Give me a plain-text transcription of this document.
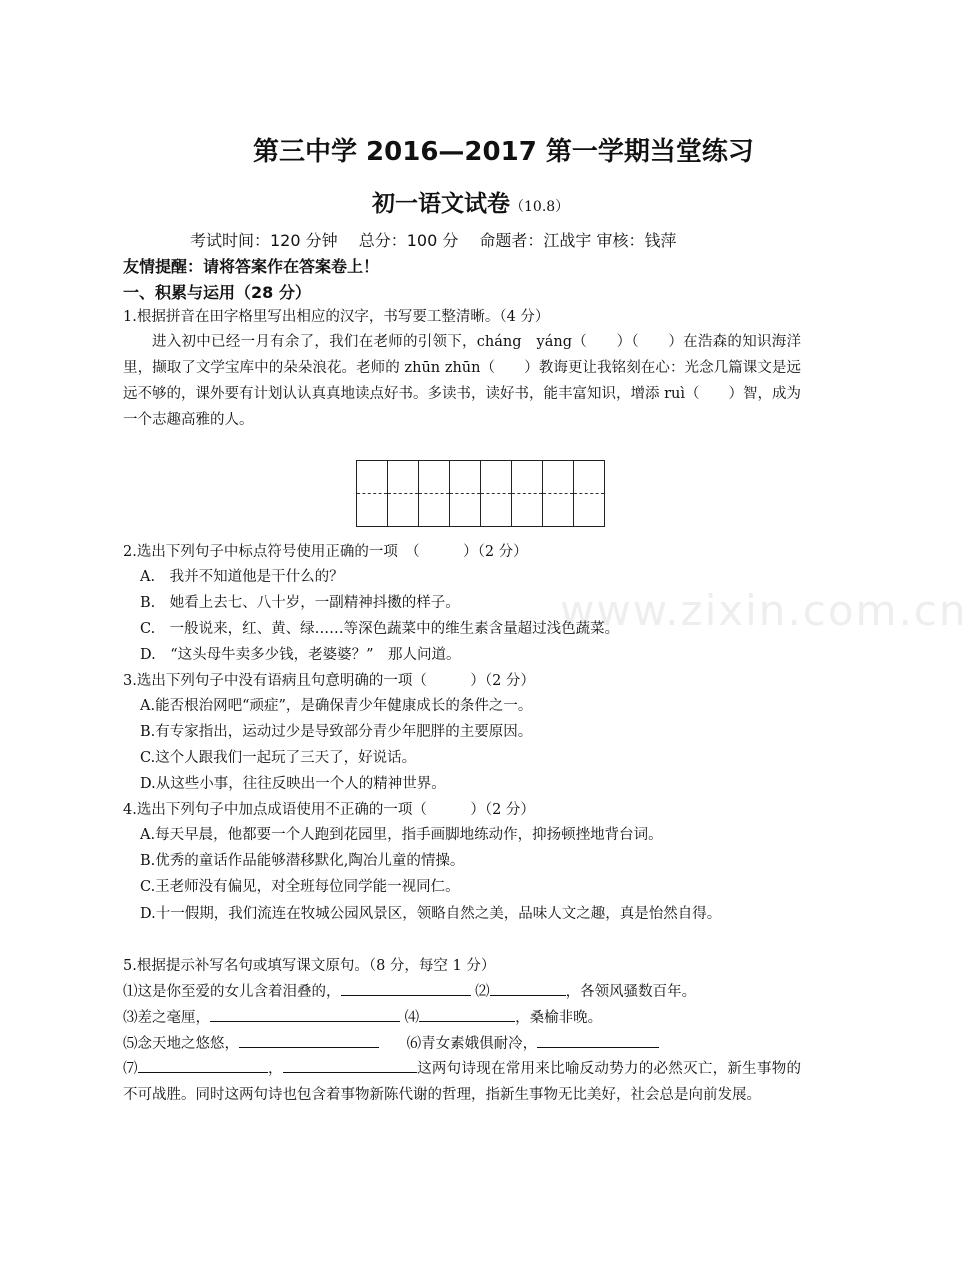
www.zixin.com.cn
第三中学 2016—2017 第一学期当堂练习
初一语文试卷（10.8）
考试时间：120 分钟　 总分：100 分　 命题者：江战宇 审核：钱萍
友情提醒：请将答案作在答案卷上！
一、积累与运用（28 分）
1.根据拼音在田字格里写出相应的汉字，书写要工整清晰。（4 分）
进入初中已经一月有余了，我们在老师的引领下，cháng　yáng（　　）（　　）在浩森的知识海洋里，撷取了文学宝库中的朵朵浪花。老师的 zhūn zhūn（　　）教诲更让我铭刻在心：光念几篇课文是远远不够的，课外要有计划认认真真地读点好书。多读书，读好书，能丰富知识，增添 ruì（　　）智，成为一个志趣高雅的人。

2.选出下列句子中标点符号使用正确的一项　（　　　）（2 分）
A.　我并不知道他是干什么的？
B.　她看上去七、八十岁，一副精神抖擞的样子。
C.　一般说来，红、黄、绿……等深色蔬菜中的维生素含量超过浅色蔬菜。
D.　“这头母牛卖多少钱，老婆婆？”　那人问道。
3.选出下列句子中没有语病且句意明确的一项（　　　）（2 分）
A.能否根治网吧“顽症”，是确保青少年健康成长的条件之一。
B.有专家指出，运动过少是导致部分青少年肥胖的主要原因。
C.这个人跟我们一起玩了三天了，好说话。
D.从这些小事，往往反映出一个人的精神世界。
4.选出下列句子中加点成语使用不正确的一项（　　　）（2 分）
A.每天早晨，他都要一个人跑到花园里，指手画脚地练动作，抑扬顿挫地背台词。
B.优秀的童话作品能够潜移默化,陶冶儿童的情操。
C.王老师没有偏见，对全班每位同学能一视同仁。
D.十一假期，我们流连在牧城公园风景区，领略自然之美，品味人文之趣，真是怡然自得。
5.根据提示补写名句或填写课文原句。（8 分，每空 1 分）
⑴这是你至爱的女儿含着泪叠的，	⑵	，各领风骚数百年。
⑶差之毫厘，	⑷	，桑榆非晚。
⑸念天地之悠悠，	⑹青女素娥俱耐冷，
⑺	，	这两句诗现在常用来比喻反动势力的必然灭亡，新生事物的不可战胜。同时这两句诗也包含着事物新陈代谢的哲理，指新生事物无比美好，社会总是向前发展。
